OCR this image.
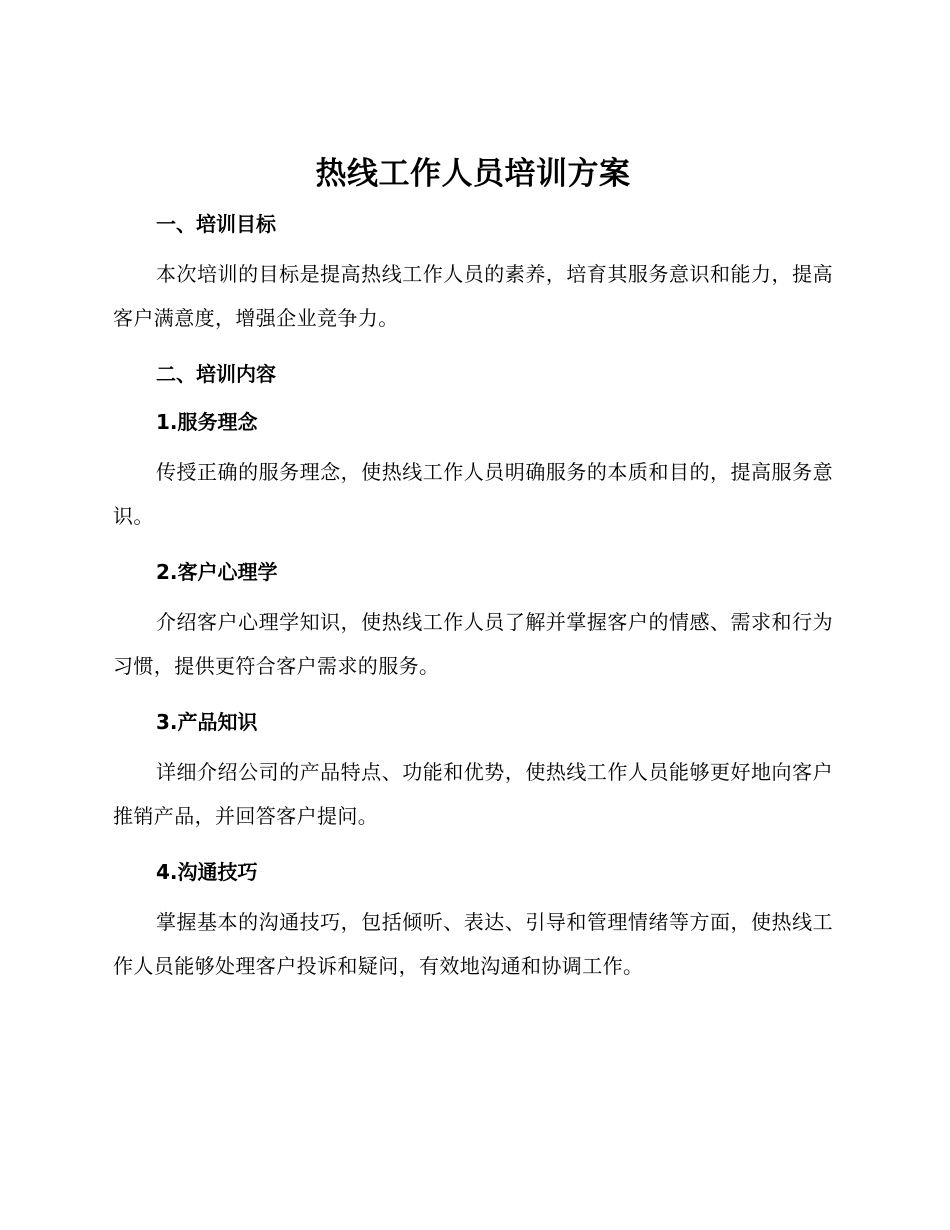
热线工作人员培训方案
一、培训目标

本次培训的目标是提高热线工作人员的素养，培育其服务意识和能力，提高客户满意度，增强企业竞争力。

二、培训内容
1.服务理念

传授正确的服务理念，使热线工作人员明确服务的本质和目的，提高服务意识。

2.客户心理学

介绍客户心理学知识，使热线工作人员了解并掌握客户的情感、需求和行为习惯，提供更符合客户需求的服务。

3.产品知识

详细介绍公司的产品特点、功能和优势，使热线工作人员能够更好地向客户推销产品，并回答客户提问。

4.沟通技巧

掌握基本的沟通技巧，包括倾听、表达、引导和管理情绪等方面，使热线工作人员能够处理客户投诉和疑问，有效地沟通和协调工作。
